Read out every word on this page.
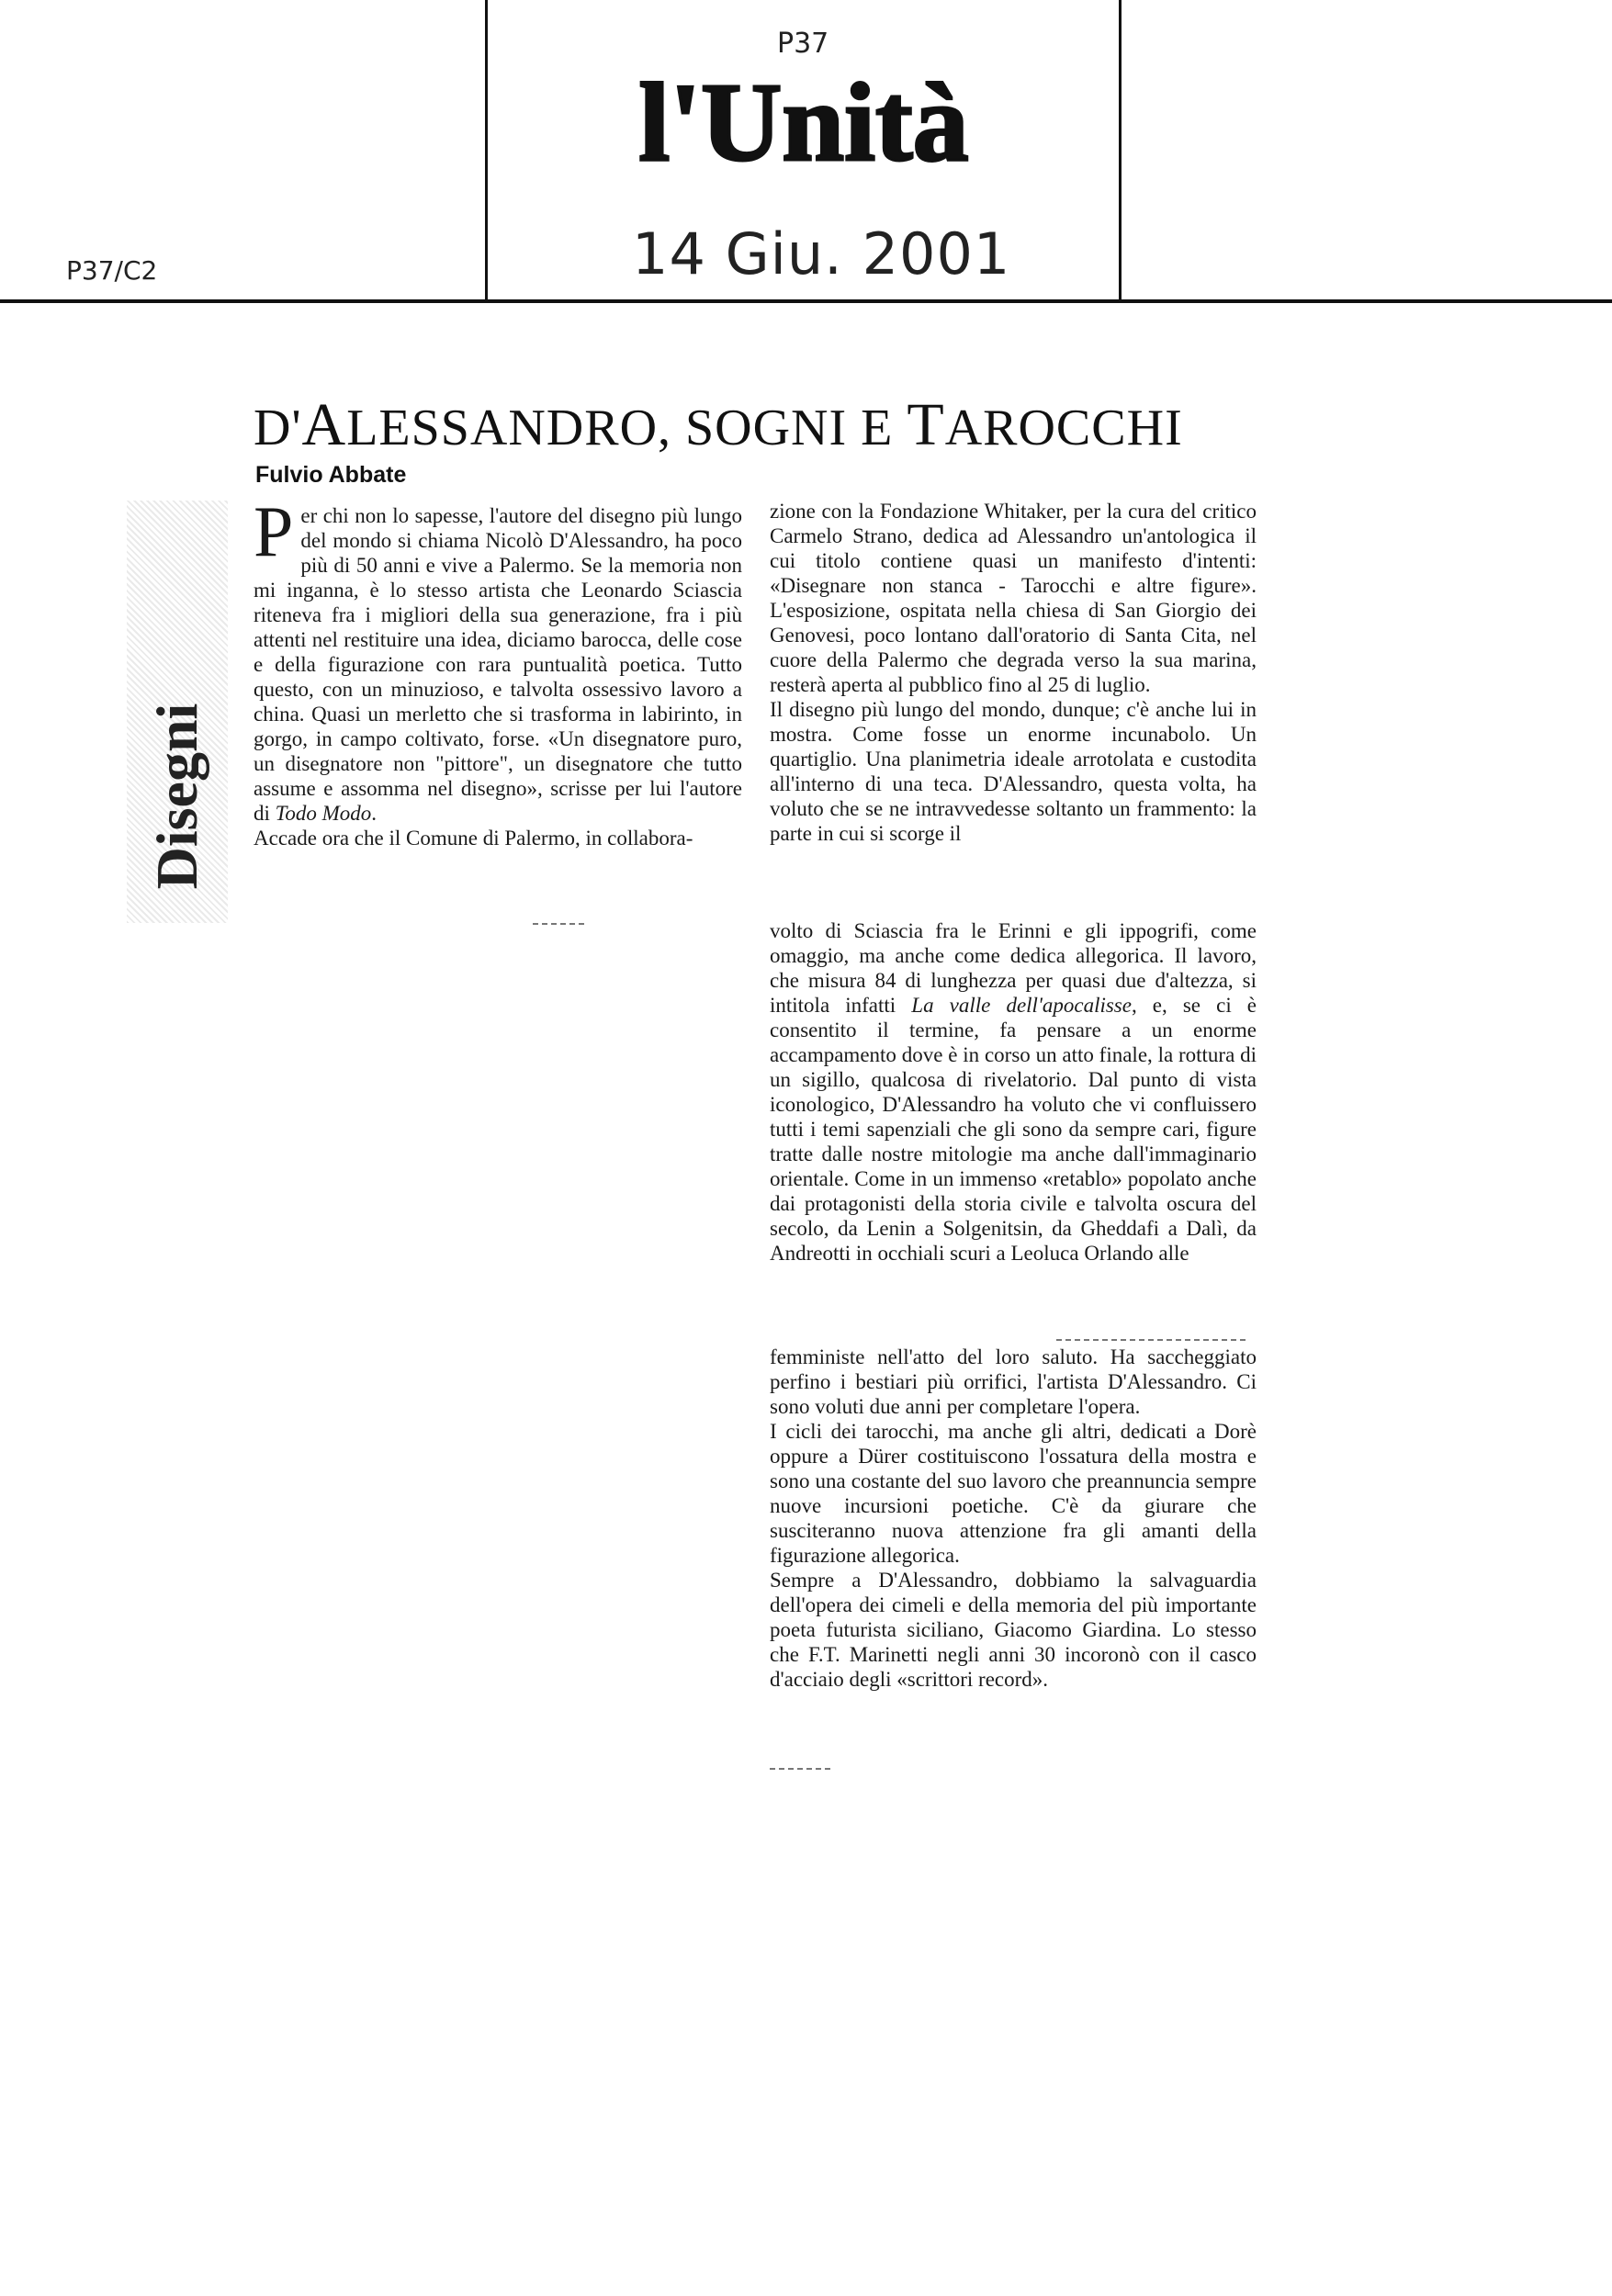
P37
l'Unità
14 Giu. 2001
P37/C2
D'ALESSANDRO, SOGNI E TAROCCHI
Fulvio Abbate
Disegni

Per chi non lo sapesse, l'autore del disegno più lungo del mondo si chiama Nicolò D'Alessandro, ha poco più di 50 anni e vive a Palermo. Se la memoria non mi inganna, è lo stesso artista che Leonardo Sciascia riteneva fra i migliori della sua generazione, fra i più attenti nel restituire una idea, diciamo barocca, delle cose e della figurazione con rara puntualità poetica. Tutto questo, con un minuzioso, e talvolta ossessivo lavoro a china. Quasi un merletto che si trasforma in labirinto, in gorgo, in campo coltivato, forse. «Un disegnatore puro, un disegnatore non "pittore", un disegnatore che tutto assume e assomma nel disegno», scrisse per lui l'autore di Todo Modo.

Accade ora che il Comune di Palermo, in collabora-

zione con la Fondazione Whitaker, per la cura del critico Carmelo Strano, dedica ad Alessandro un'antologica il cui titolo contiene quasi un manifesto d'intenti: «Disegnare non stanca - Tarocchi e altre figure». L'esposizione, ospitata nella chiesa di San Giorgio dei Genovesi, poco lontano dall'oratorio di Santa Cita, nel cuore della Palermo che degrada verso la sua marina, resterà aperta al pubblico fino al 25 di luglio.

Il disegno più lungo del mondo, dunque; c'è anche lui in mostra. Come fosse un enorme incunabolo. Un quartiglio. Una planimetria ideale arrotolata e custodita all'interno di una teca. D'Alessandro, questa volta, ha voluto che se ne intravvedesse soltanto un frammento: la parte in cui si scorge il

volto di Sciascia fra le Erinni e gli ippogrifi, come omaggio, ma anche come dedica allegorica. Il lavoro, che misura 84 di lunghezza per quasi due d'altezza, si intitola infatti La valle dell'apocalisse, e, se ci è consentito il termine, fa pensare a un enorme accampamento dove è in corso un atto finale, la rottura di un sigillo, qualcosa di rivelatorio. Dal punto di vista iconologico, D'Alessandro ha voluto che vi confluissero tutti i temi sapenziali che gli sono da sempre cari, figure tratte dalle nostre mitologie ma anche dall'immaginario orientale. Come in un immenso «retablo» popolato anche dai protagonisti della storia civile e talvolta oscura del secolo, da Lenin a Solgenitsin, da Gheddafi a Dalì, da Andreotti in occhiali scuri a Leoluca Orlando alle

femministe nell'atto del loro saluto. Ha saccheggiato perfino i bestiari più orrifici, l'artista D'Alessandro. Ci sono voluti due anni per completare l'opera.

I cicli dei tarocchi, ma anche gli altri, dedicati a Dorè oppure a Dürer costituiscono l'ossatura della mostra e sono una costante del suo lavoro che preannuncia sempre nuove incursioni poetiche. C'è da giurare che susciteranno nuova attenzione fra gli amanti della figurazione allegorica.

Sempre a D'Alessandro, dobbiamo la salvaguardia dell'opera dei cimeli e della memoria del più importante poeta futurista siciliano, Giacomo Giardina. Lo stesso che F.T. Marinetti negli anni 30 incoronò con il casco d'acciaio degli «scrittori record».
